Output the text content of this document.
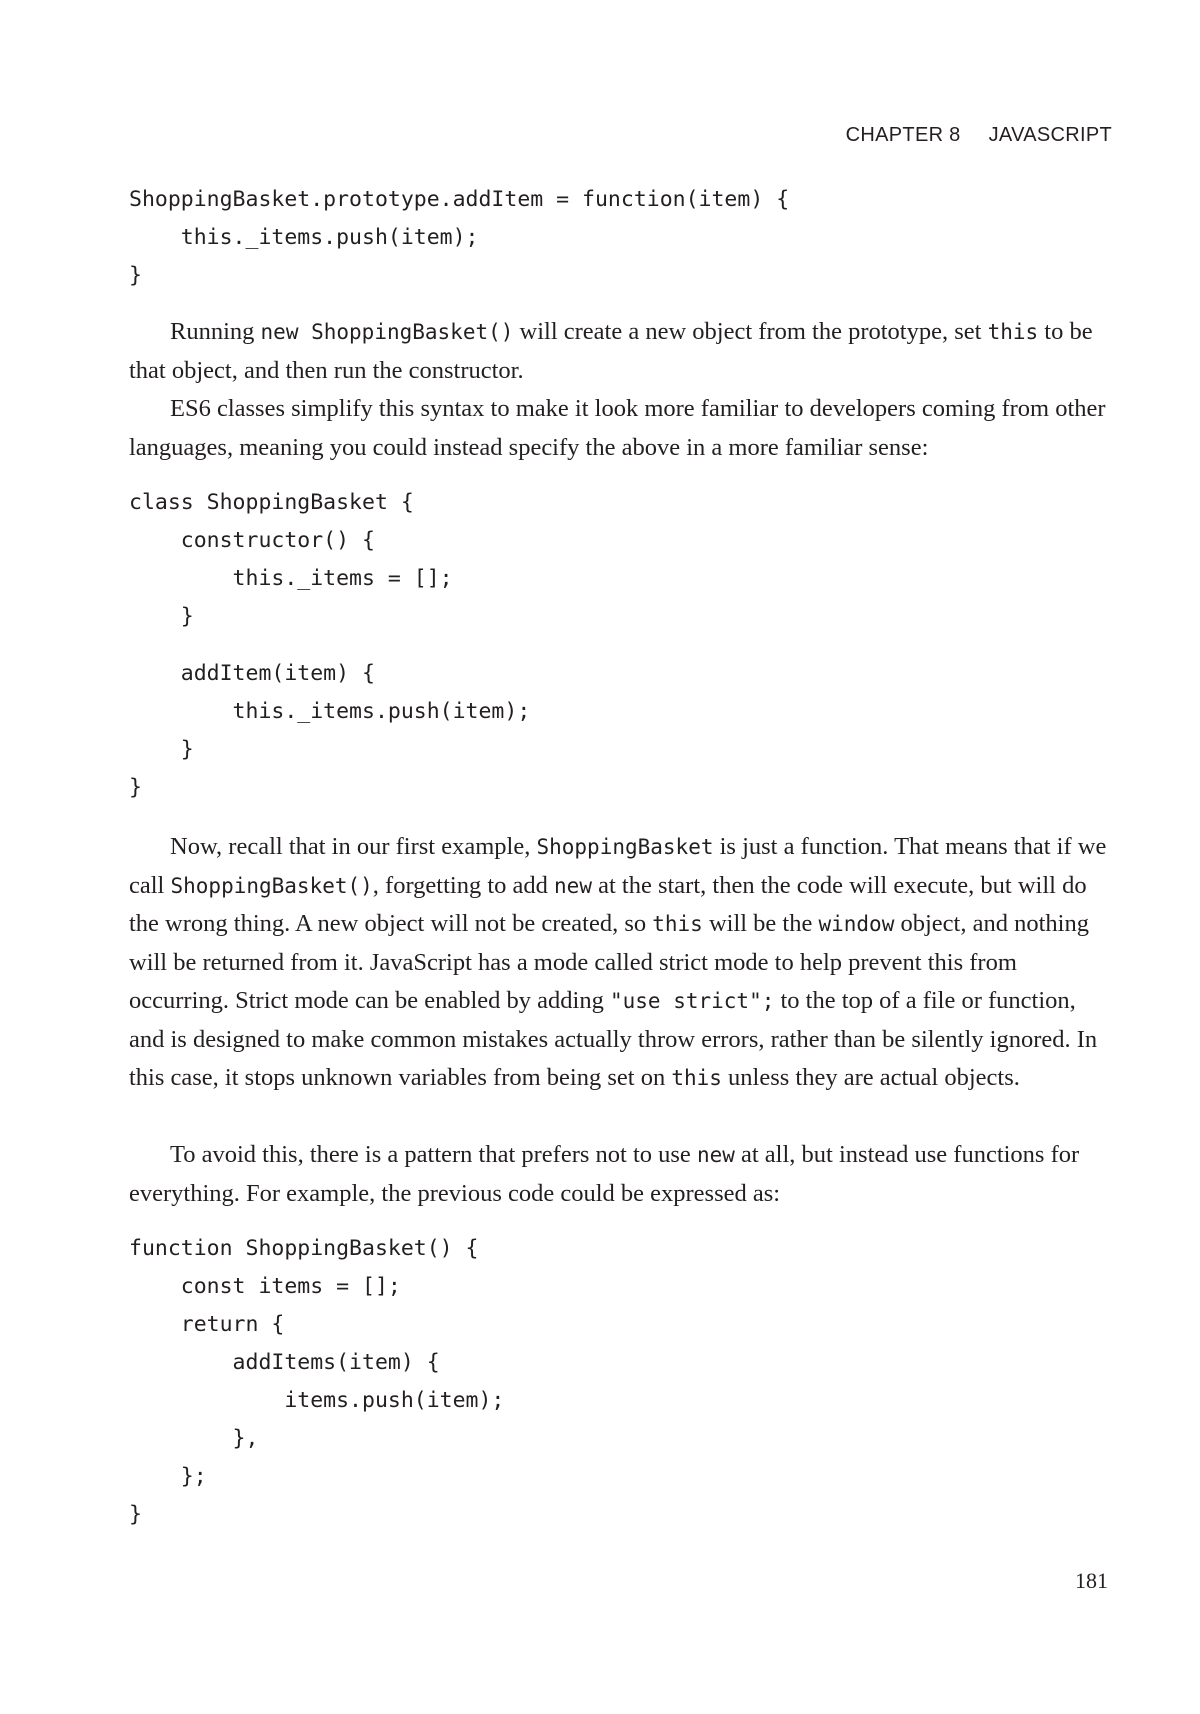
CHAPTER 8 JAVASCRIPT
ShoppingBasket.prototype.addItem = function(item) {
this._items.push(item);
}

Running new ShoppingBasket() will create a new object from the prototype, set this to be that object, and then run the constructor.

ES6 classes simplify this syntax to make it look more familiar to developers coming from other languages, meaning you could instead specify the above in a more familiar sense:

class ShoppingBasket {
constructor() {
this._items = [];
}
addItem(item) {
this._items.push(item);
}
}

Now, recall that in our first example, ShoppingBasket is just a function. That means that if we call ShoppingBasket(), forgetting to add new at the start, then the code will execute, but will do the wrong thing. A new object will not be created, so this will be the window object, and nothing will be returned from it. JavaScript has a mode called strict mode to help prevent this from occurring. Strict mode can be enabled by adding "use strict"; to the top of a file or function, and is designed to make common mistakes actually throw errors, rather than be silently ignored. In this case, it stops unknown variables from being set on this unless they are actual objects.

To avoid this, there is a pattern that prefers not to use new at all, but instead use functions for everything. For example, the previous code could be expressed as:

function ShoppingBasket() {
const items = [];
return {
addItems(item) {
items.push(item);
},
};
}
181
